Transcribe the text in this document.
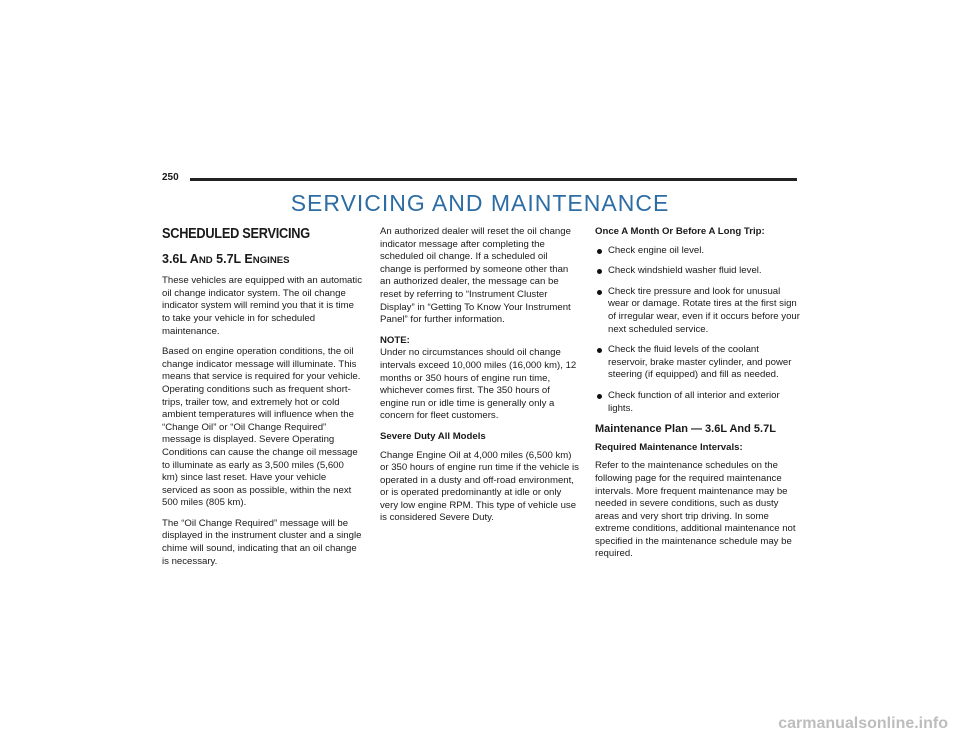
250
SERVICING AND MAINTENANCE
SCHEDULED SERVICING
3.6L AND 5.7L ENGINES

These vehicles are equipped with an automatic oil change indicator system. The oil change indicator system will remind you that it is time to take your vehicle in for scheduled maintenance.

Based on engine operation conditions, the oil change indicator message will illuminate. This means that service is required for your vehicle. Operating conditions such as frequent short-trips, trailer tow, and extremely hot or cold ambient temperatures will influence when the “Change Oil” or “Oil Change Required” message is displayed. Severe Operating Conditions can cause the change oil message to illuminate as early as 3,500 miles (5,600 km) since last reset. Have your vehicle serviced as soon as possible, within the next 500 miles (805 km).

The “Oil Change Required” message will be displayed in the instrument cluster and a single chime will sound, indicating that an oil change is necessary.

An authorized dealer will reset the oil change indicator message after completing the scheduled oil change. If a scheduled oil change is performed by someone other than an authorized dealer, the message can be reset by referring to “Instrument Cluster Display” in “Getting To Know Your Instrument Panel” for further information.

NOTE:

Under no circumstances should oil change intervals exceed 10,000 miles (16,000 km), 12 months or 350 hours of engine run time, whichever comes first. The 350 hours of engine run or idle time is generally only a concern for fleet customers.

Severe Duty All Models

Change Engine Oil at 4,000 miles (6,500 km) or 350 hours of engine run time if the vehicle is operated in a dusty and off-road environment, or is operated predominantly at idle or only very low engine RPM. This type of vehicle use is considered Severe Duty.

Once A Month Or Before A Long Trip:
Check engine oil level.
Check windshield washer fluid level.
Check tire pressure and look for unusual wear or damage. Rotate tires at the first sign of irregular wear, even if it occurs before your next scheduled service.
Check the fluid levels of the coolant reservoir, brake master cylinder, and power steering (if equipped) and fill as needed.
Check function of all interior and exterior lights.
Maintenance Plan — 3.6L And 5.7L
Required Maintenance Intervals:

Refer to the maintenance schedules on the following page for the required maintenance intervals. More frequent maintenance may be needed in severe conditions, such as dusty areas and very short trip driving. In some extreme conditions, additional maintenance not specified in the maintenance schedule may be required.

carmanualsonline.info
